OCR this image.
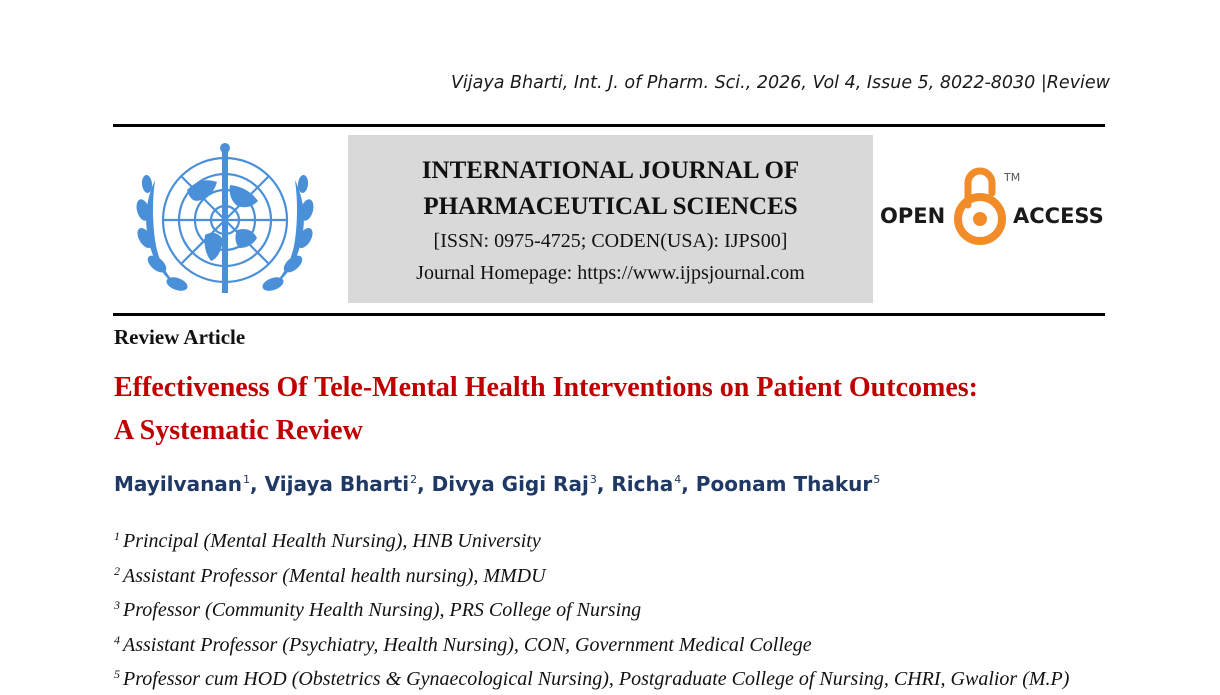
Vijaya Bharti, Int. J. of Pharm. Sci., 2026, Vol 4, Issue 5, 8022-8030 |Review
INTERNATIONAL JOURNAL OF
PHARMACEUTICAL SCIENCES
[ISSN: 0975-4725; CODEN(USA): IJPS00]
Journal Homepage: https://www.ijpsjournal.com
OPEN	ACCESS
TM
Review Article
Effectiveness Of Tele-Mental Health Interventions on Patient Outcomes:
A Systematic Review
Mayilvanan$^1$, Vijaya Bharti$^2$, Divya Gigi Raj$^3$, Richa$^4$, Poonam Thakur$^5$
$^1$ Principal (Mental Health Nursing), HNB University
$^2$ Assistant Professor (Mental health nursing), MMDU
$^3$ Professor (Community Health Nursing), PRS College of Nursing
$^4$ Assistant Professor (Psychiatry, Health Nursing), CON, Government Medical College
$^5$ Professor cum HOD (Obstetrics & Gynaecological Nursing), Postgraduate College of Nursing, CHRI, Gwalior (M.P)
